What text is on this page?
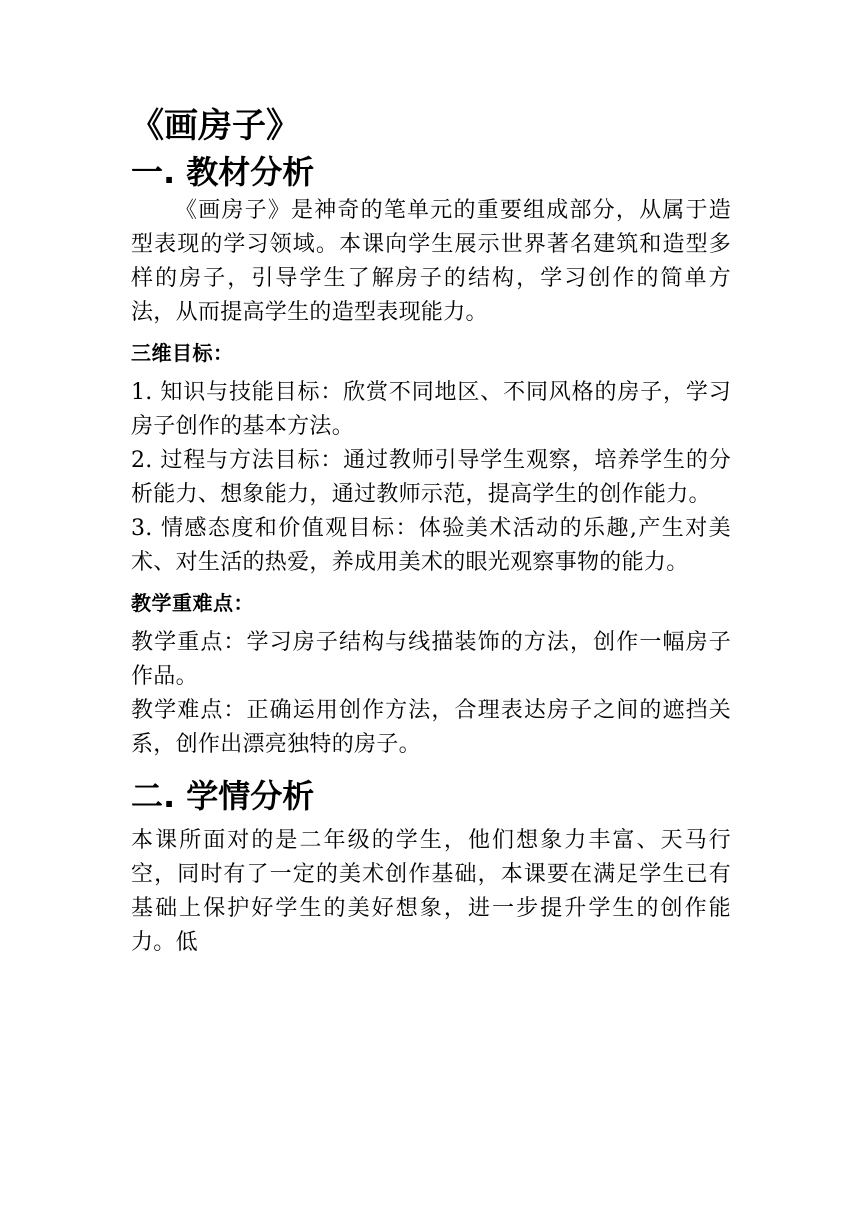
《画房子》
一. 教材分析

《画房子》是神奇的笔单元的重要组成部分，从属于造型表现的学习领域。本课向学生展示世界著名建筑和造型多样的房子，引导学生了解房子的结构，学习创作的简单方法，从而提高学生的造型表现能力。

三维目标：

1. 知识与技能目标：欣赏不同地区、不同风格的房子，学习房子创作的基本方法。

2. 过程与方法目标：通过教师引导学生观察，培养学生的分析能力、想象能力，通过教师示范，提高学生的创作能力。

3. 情感态度和价值观目标：体验美术活动的乐趣,产生对美术、对生活的热爱，养成用美术的眼光观察事物的能力。

教学重难点：

教学重点：学习房子结构与线描装饰的方法，创作一幅房子作品。

教学难点：正确运用创作方法，合理表达房子之间的遮挡关系，创作出漂亮独特的房子。

二. 学情分析

本课所面对的是二年级的学生，他们想象力丰富、天马行空，同时有了一定的美术创作基础，本课要在满足学生已有基础上保护好学生的美好想象，进一步提升学生的创作能力。低
